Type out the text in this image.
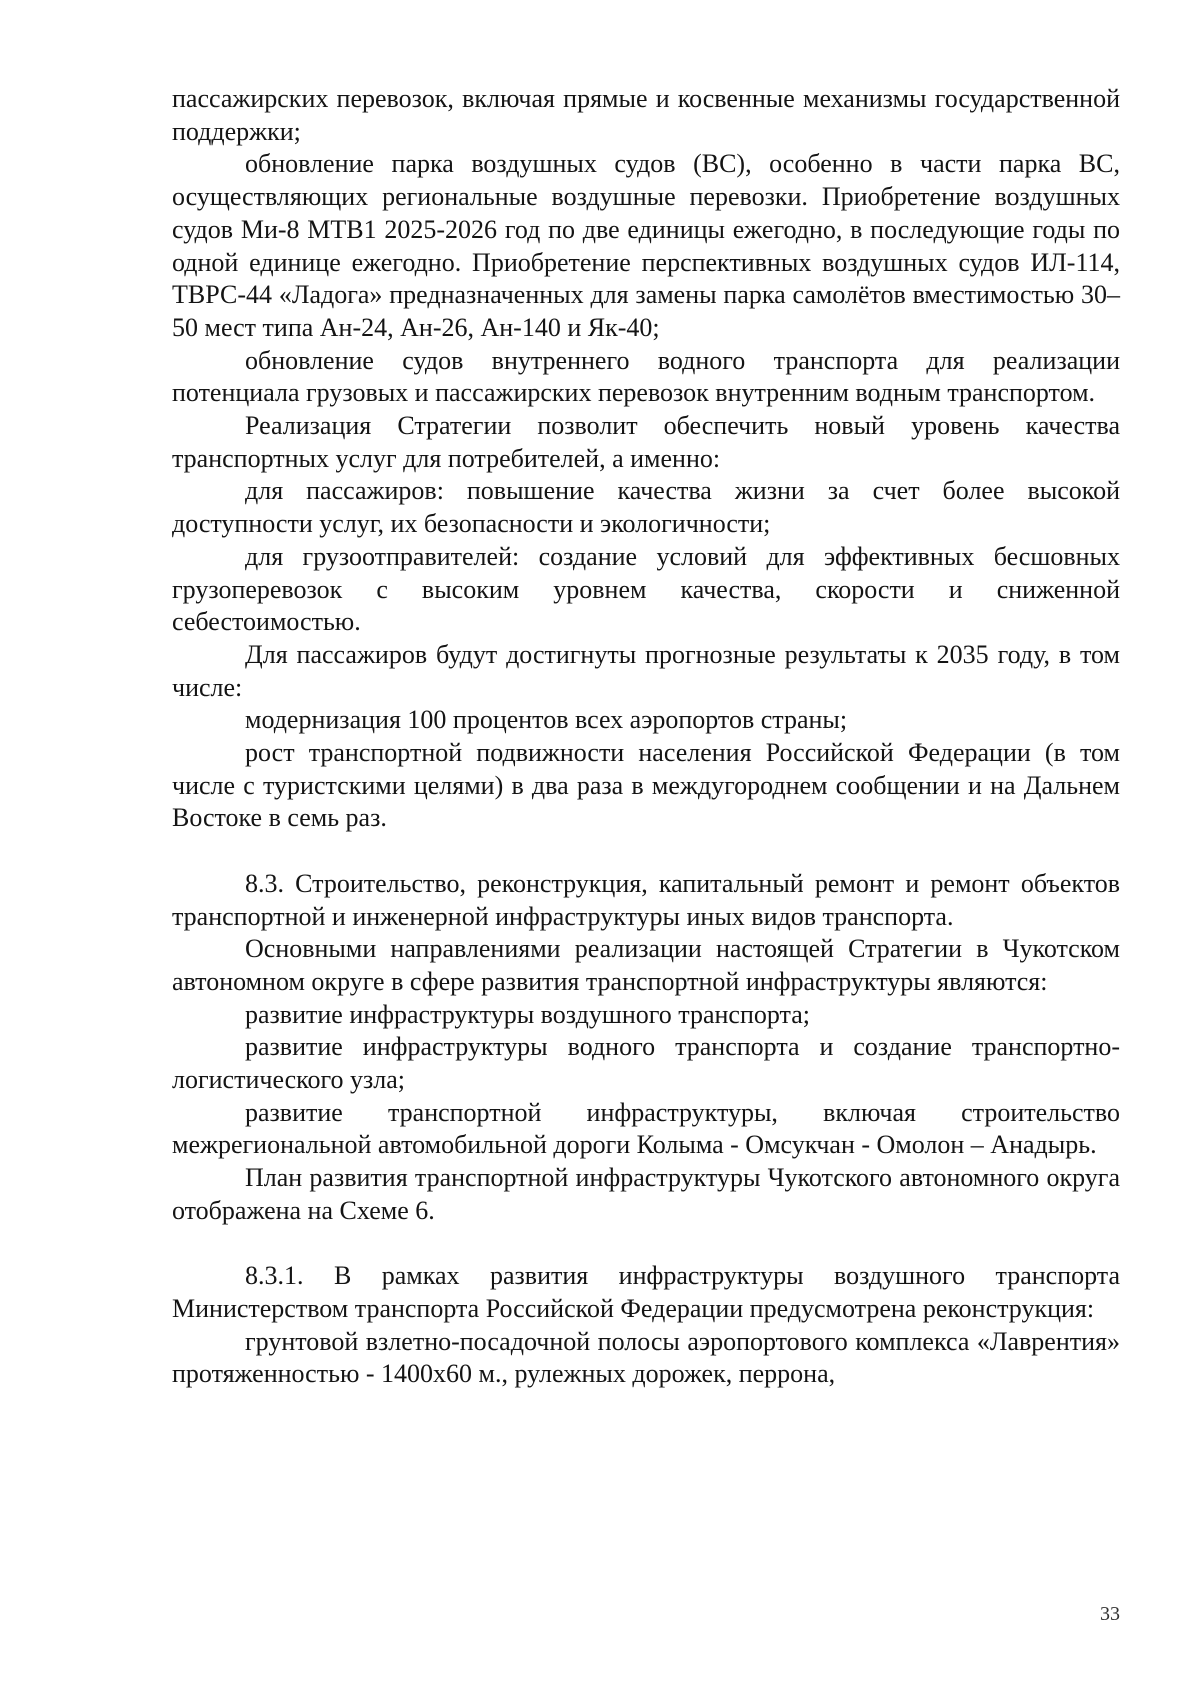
пассажирских перевозок, включая прямые и косвенные механизмы государственной поддержки;

обновление парка воздушных судов (ВС), особенно в части парка ВС, осуществляющих региональные воздушные перевозки. Приобретение воздушных судов Ми-8 МТВ1 2025-2026 год по две единицы ежегодно, в последующие годы по одной единице ежегодно. Приобретение перспективных воздушных судов ИЛ-114, ТВРС-44 «Ладога» предназначенных для замены парка самолётов вместимостью 30–50 мест типа Ан-24, Ан-26, Ан-140 и Як-40;

обновление судов внутреннего водного транспорта для реализации потенциала грузовых и пассажирских перевозок внутренним водным транспортом.

Реализация Стратегии позволит обеспечить новый уровень качества транспортных услуг для потребителей, а именно:

для пассажиров: повышение качества жизни за счет более высокой доступности услуг, их безопасности и экологичности;

для грузоотправителей: создание условий для эффективных бесшовных грузоперевозок с высоким уровнем качества, скорости и сниженной себестоимостью.

Для пассажиров будут достигнуты прогнозные результаты к 2035 году, в том числе:

модернизация 100 процентов всех аэропортов страны;

рост транспортной подвижности населения Российской Федерации (в том числе с туристскими целями) в два раза в междугороднем сообщении и на Дальнем Востоке в семь раз.

8.3. Строительство, реконструкция, капитальный ремонт и ремонт объектов транспортной и инженерной инфраструктуры иных видов транспорта.

Основными направлениями реализации настоящей Стратегии в Чукотском автономном округе в сфере развития транспортной инфраструктуры являются:

развитие инфраструктуры воздушного транспорта;

развитие инфраструктуры водного транспорта и создание транспортно-логистического узла;

развитие транспортной инфраструктуры, включая строительство межрегиональной автомобильной дороги Колыма - Омсукчан - Омолон – Анадырь.

План развития транспортной инфраструктуры Чукотского автономного округа отображена на Схеме 6.

8.3.1. В рамках развития инфраструктуры воздушного транспорта Министерством транспорта Российской Федерации предусмотрена реконструкция:

грунтовой взлетно-посадочной полосы аэропортового комплекса «Лаврентия» протяженностью - 1400х60 м., рулежных дорожек, перрона,

33
